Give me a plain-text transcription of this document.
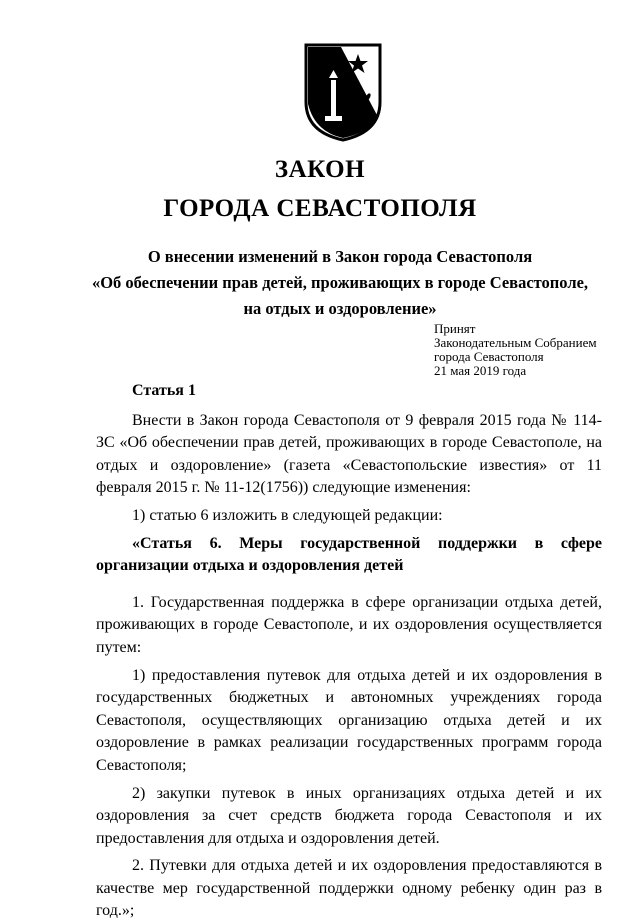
ЗАКОН
ГОРОДА СЕВАСТОПОЛЯ
О внесении изменений в Закон города Севастополя
«Об обеспечении прав детей, проживающих в городе Севастополе,
на отдых и оздоровление»
Принят
Законодательным Собранием
города Севастополя
21 мая 2019 года

Статья 1

Внести в Закон города Севастополя от 9 февраля 2015 года № 114-ЗС «Об обеспечении прав детей, проживающих в городе Севастополе, на отдых и оздоровление» (газета «Севастопольские известия» от 11 февраля 2015 г. № 11-12(1756)) следующие изменения:

1) статью 6 изложить в следующей редакции:

«Статья 6. Меры государственной поддержки в сфере организации отдыха и оздоровления детей

1. Государственная поддержка в сфере организации отдыха детей, проживающих в городе Севастополе, и их оздоровления осуществляется путем:

1) предоставления путевок для отдыха детей и их оздоровления в государственных бюджетных и автономных учреждениях города Севастополя, осуществляющих организацию отдыха детей и их оздоровление в рамках реализации государственных программ города Севастополя;

2) закупки путевок в иных организациях отдыха детей и их оздоровления за счет средств бюджета города Севастополя и их предоставления для отдыха и оздоровления детей.

2. Путевки для отдыха детей и их оздоровления предоставляются в качестве мер государственной поддержки одному ребенку один раз в год.»;
